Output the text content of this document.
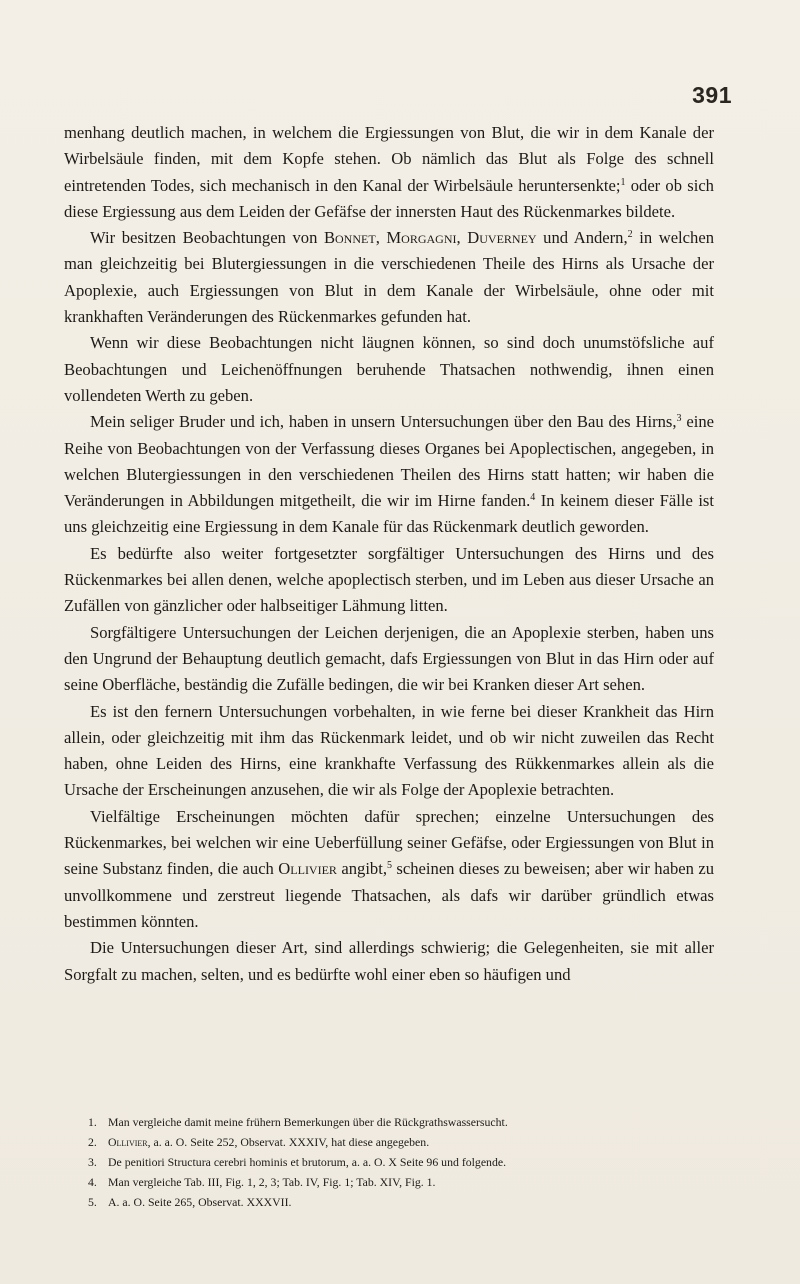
391

menhang deutlich machen, in welchem die Ergiessungen von Blut, die wir in dem Kanale der Wirbelsäule finden, mit dem Kopfe stehen. Ob nämlich das Blut als Folge des schnell eintretenden Todes, sich mechanisch in den Kanal der Wirbelsäule heruntersenkte;$^1$ oder ob sich diese Ergiessung aus dem Leiden der Gefäfse der innersten Haut des Rückenmarkes bildete.

Wir besitzen Beobachtungen von Bonnet, Morgagni, Duverney und Andern,$^2$ in welchen man gleichzeitig bei Blutergiessungen in die verschiedenen Theile des Hirns als Ursache der Apoplexie, auch Ergiessungen von Blut in dem Kanale der Wirbelsäule, ohne oder mit krankhaften Veränderungen des Rückenmarkes gefunden hat.

Wenn wir diese Beobachtungen nicht läugnen können, so sind doch unumstöfsliche auf Beobachtungen und Leichenöffnungen beruhende Thatsachen nothwendig, ihnen einen vollendeten Werth zu geben.

Mein seliger Bruder und ich, haben in unsern Untersuchungen über den Bau des Hirns,$^3$ eine Reihe von Beobachtungen von der Verfassung dieses Organes bei Apoplectischen, angegeben, in welchen Blutergiessungen in den verschiedenen Theilen des Hirns statt hatten; wir haben die Veränderungen in Abbildungen mitgetheilt, die wir im Hirne fanden.$^4$ In keinem dieser Fälle ist uns gleichzeitig eine Ergiessung in dem Kanale für das Rückenmark deutlich geworden.

Es bedürfte also weiter fortgesetzter sorgfältiger Untersuchungen des Hirns und des Rückenmarkes bei allen denen, welche apoplectisch sterben, und im Leben aus dieser Ursache an Zufällen von gänzlicher oder halbseitiger Lähmung litten.

Sorgfältigere Untersuchungen der Leichen derjenigen, die an Apoplexie sterben, haben uns den Ungrund der Behauptung deutlich gemacht, dafs Ergiessungen von Blut in das Hirn oder auf seine Oberfläche, beständig die Zufälle bedingen, die wir bei Kranken dieser Art sehen.

Es ist den fernern Untersuchungen vorbehalten, in wie ferne bei dieser Krankheit das Hirn allein, oder gleichzeitig mit ihm das Rückenmark leidet, und ob wir nicht zuweilen das Recht haben, ohne Leiden des Hirns, eine krankhafte Verfassung des Rükkenmarkes allein als die Ursache der Erscheinungen anzusehen, die wir als Folge der Apoplexie betrachten.

Vielfältige Erscheinungen möchten dafür sprechen; einzelne Untersuchungen des Rückenmarkes, bei welchen wir eine Ueberfüllung seiner Gefäfse, oder Ergiessungen von Blut in seine Substanz finden, die auch Ollivier angibt,$^5$ scheinen dieses zu beweisen; aber wir haben zu unvollkommene und zerstreut liegende Thatsachen, als dafs wir darüber gründlich etwas bestimmen könnten.

Die Untersuchungen dieser Art, sind allerdings schwierig; die Gelegenheiten, sie mit aller Sorgfalt zu machen, selten, und es bedürfte wohl einer eben so häufigen und

1. Man vergleiche damit meine frühern Bemerkungen über die Rückgrathswassersucht.
2. Ollivier, a. a. O. Seite 252, Observat. XXXIV, hat diese angegeben.
3. De penitiori Structura cerebri hominis et brutorum, a. a. O. X Seite 96 und folgende.
4. Man vergleiche Tab. III, Fig. 1, 2, 3; Tab. IV, Fig. 1; Tab. XIV, Fig. 1.
5. A. a. O. Seite 265, Observat. XXXVII.
